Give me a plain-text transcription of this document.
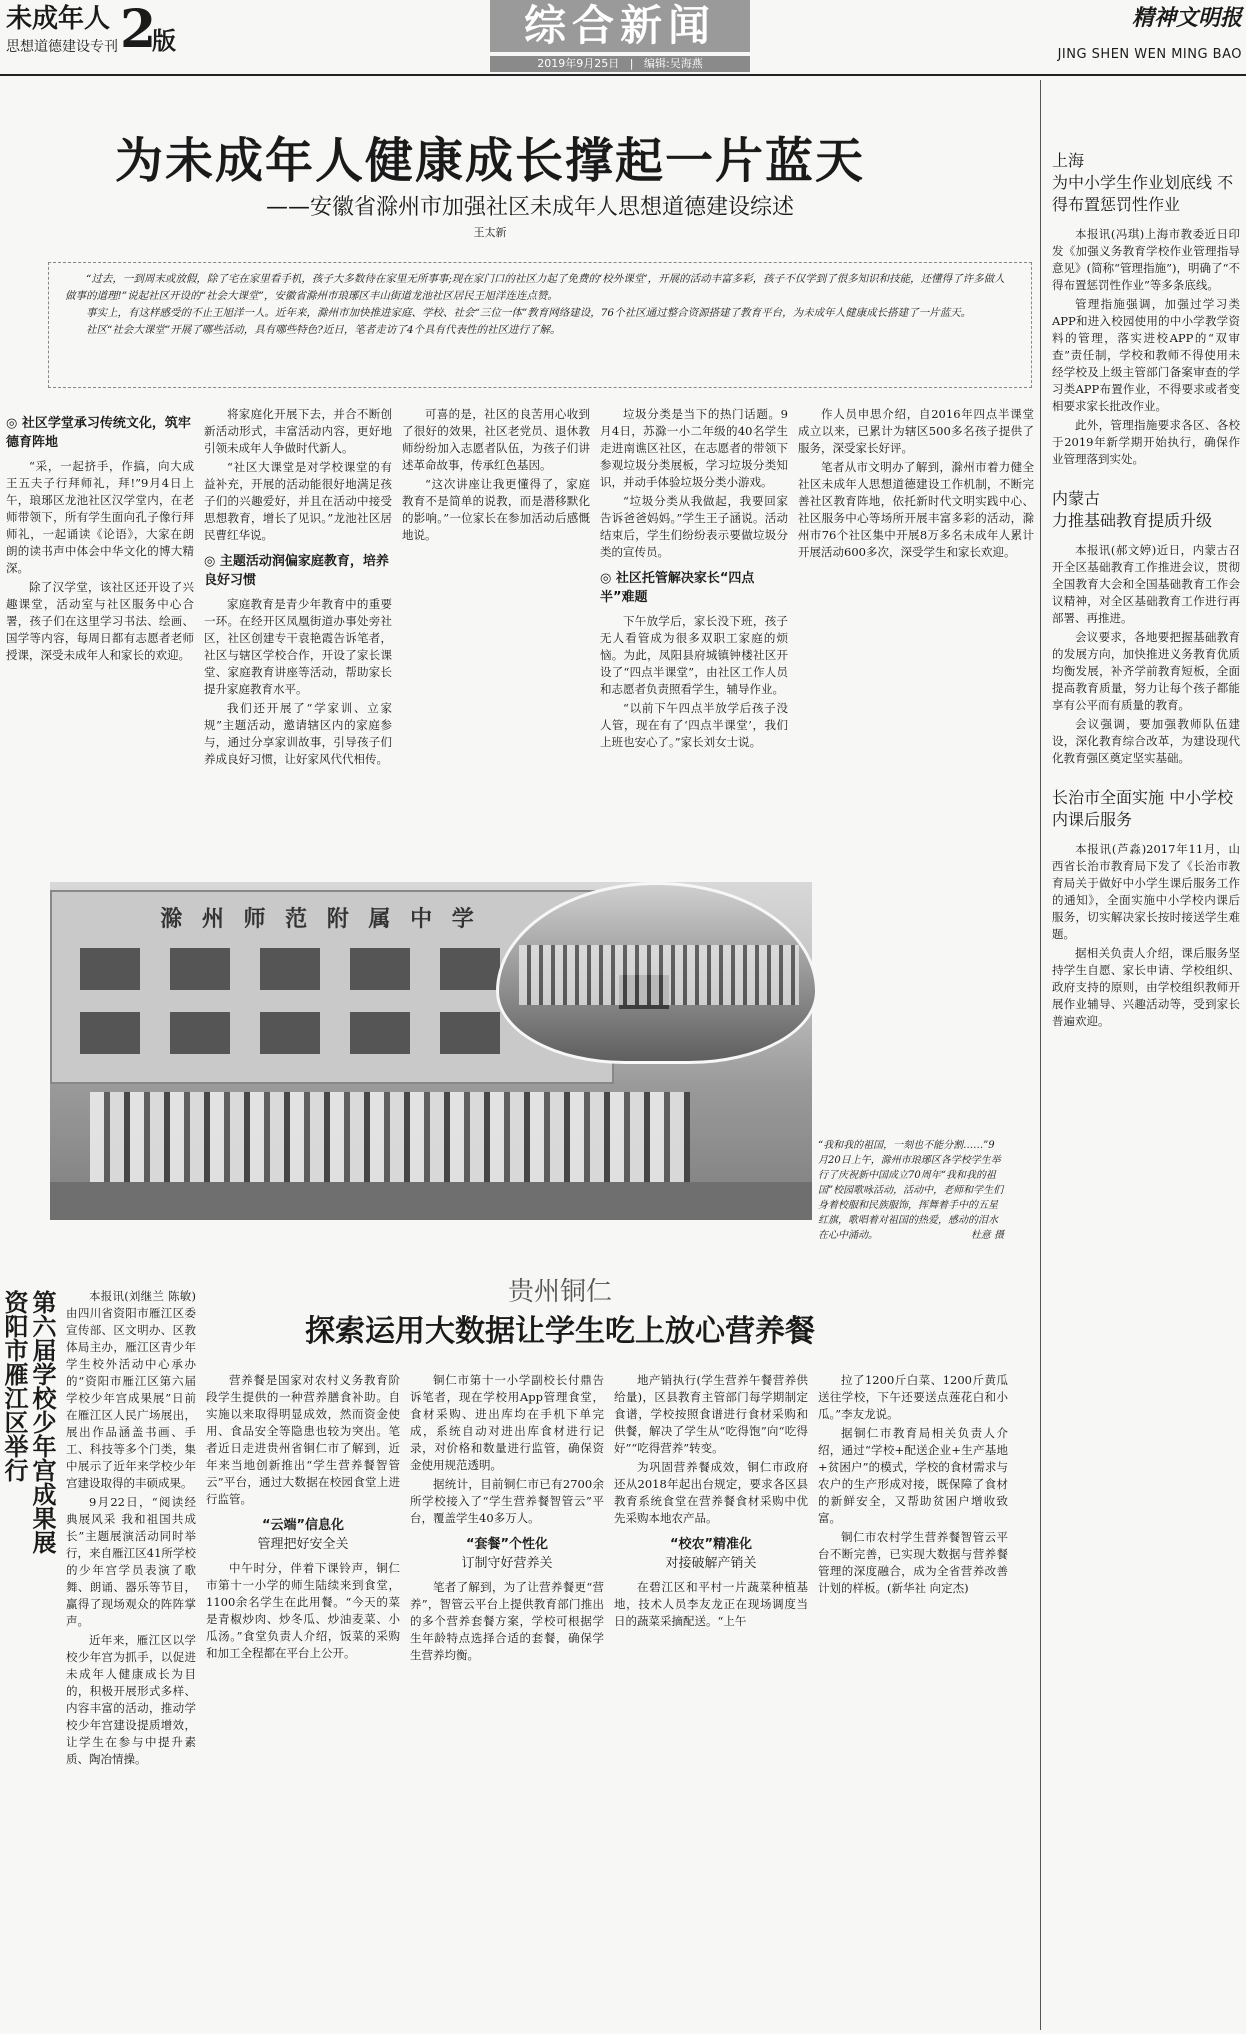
未成年人
思想道德建设专刊 2
版	综合新闻
2019年9月25日   |   编辑:吴海燕
精神文明报
JING SHEN WEN MING BAO
为未成年人健康成长撑起一片蓝天
——安徽省滁州市加强社区未成年人思想道德建设综述
王太新
“过去，一到周末或放假，除了宅在家里看手机，孩子大多数待在家里无所事事;现在家门口的社区力起了免费的‘校外课堂’，开展的活动丰富多彩，孩子不仅学到了很多知识和技能，还懂得了许多做人做事的道理!”说起社区开设的“社会大课堂”，安徽省滁州市琅琊区丰山街道龙池社区居民王旭洋连连点赞。
事实上，有这样感受的不止王旭洋一人。近年来，滁州市加快推进家庭、学校、社会“三位一体”教育网络建设，76个社区通过整合资源搭建了教育平台，为未成年人健康成长搭建了一片蓝天。
社区“社会大课堂”开展了哪些活动，具有哪些特色?近日，笔者走访了4个具有代表性的社区进行了解。
◎ 社区学堂承习传统文化，筑牢德育阵地

“采，一起挤手，作搞，向大成王五夫子行拜师礼，拜!”9月4日上午，琅琊区龙池社区汉学堂内，在老师带领下，所有学生面向孔子像行拜师礼，一起诵读《论语》，大家在朗朗的读书声中体会中华文化的博大精深。

除了汉学堂，该社区还开设了兴趣课堂，活动室与社区服务中心合署，孩子们在这里学习书法、绘画、国学等内容，每周日都有志愿者老师授课，深受未成年人和家长的欢迎。

将家庭化开展下去，并合不断创新活动形式，丰富活动内容，更好地引领未成年人争做时代新人。

“社区大课堂是对学校课堂的有益补充，开展的活动能很好地满足孩子们的兴趣爱好，并且在活动中接受思想教育，增长了见识。”龙池社区居民曹红华说。

◎ 主题活动润偏家庭教育，培养良好习惯

家庭教育是青少年教育中的重要一环。在经开区凤凰街道办事处旁社区，社区创建专干袁艳霞告诉笔者，社区与辖区学校合作，开设了家长课堂、家庭教育讲座等活动，帮助家长提升家庭教育水平。

我们还开展了“学家训、立家规”主题活动，邀请辖区内的家庭参与，通过分享家训故事，引导孩子们养成良好习惯，让好家风代代相传。

可喜的是，社区的良苦用心收到了很好的效果，社区老党员、退休教师纷纷加入志愿者队伍，为孩子们讲述革命故事，传承红色基因。

“这次讲座让我更懂得了，家庭教育不是简单的说教，而是潜移默化的影响。”一位家长在参加活动后感慨地说。

垃圾分类是当下的热门话题。9月4日，苏滁一小二年级的40名学生走进南谯区社区，在志愿者的带领下参观垃圾分类展板，学习垃圾分类知识，并动手体验垃圾分类小游戏。

“垃圾分类从我做起，我要回家告诉爸爸妈妈。”学生王子涵说。活动结束后，学生们纷纷表示要做垃圾分类的宣传员。

◎ 社区托管解决家长“四点半”难题

下午放学后，家长没下班，孩子无人看管成为很多双职工家庭的烦恼。为此，凤阳县府城镇钟楼社区开设了“四点半课堂”，由社区工作人员和志愿者负责照看学生，辅导作业。

“以前下午四点半放学后孩子没人管，现在有了‘四点半课堂’，我们上班也安心了。”家长刘女士说。

作人员申思介绍，自2016年四点半课堂成立以来，已累计为辖区500多名孩子提供了服务，深受家长好评。

笔者从市文明办了解到，滁州市着力健全社区未成年人思想道德建设工作机制，不断完善社区教育阵地，依托新时代文明实践中心、社区服务中心等场所开展丰富多彩的活动，滁州市76个社区集中开展8万多名未成年人累计开展活动600多次，深受学生和家长欢迎。

滁 州 师 范 附 属 中 学
“我和我的祖国，一刻也不能分割……”9月20日上午，滁州市琅琊区各学校学生举行了庆祝新中国成立70周年“我和我的祖国”校园歌咏活动，活动中，老师和学生们身着校服和民族服饰，挥舞着手中的五星红旗，歌唱着对祖国的热爱，感动的泪水在心中涌动。	杜意 摄
第六届学校少年宫成果展
资阳市雁江区举行	本报讯(刘继兰 陈敏)由四川省资阳市雁江区委宣传部、区文明办、区教体局主办，雁江区青少年学生校外活动中心承办的“资阳市雁江区第六届学校少年宫成果展”日前在雁江区人民广场展出，展出作品涵盖书画、手工、科技等多个门类，集中展示了近年来学校少年宫建设取得的丰硕成果。

9月22日，“阅读经典展风采 我和祖国共成长”主题展演活动同时举行，来自雁江区41所学校的少年宫学员表演了歌舞、朗诵、器乐等节目，赢得了现场观众的阵阵掌声。

近年来，雁江区以学校少年宫为抓手，以促进未成年人健康成长为目的，积极开展形式多样、内容丰富的活动，推动学校少年宫建设提质增效，让学生在参与中提升素质、陶冶情操。

贵州铜仁
探索运用大数据让学生吃上放心营养餐

营养餐是国家对农村义务教育阶段学生提供的一种营养膳食补助。自实施以来取得明显成效，然而资金使用、食品安全等隐患也较为突出。笔者近日走进贵州省铜仁市了解到，近年来当地创新推出“学生营养餐智管云”平台，通过大数据在校园食堂上进行监管。

“云端”信息化
管理把好安全关

中午时分，伴着下课铃声，铜仁市第十一小学的师生陆续来到食堂，1100余名学生在此用餐。“今天的菜是青椒炒肉、炒冬瓜、炒油麦菜、小瓜汤。”食堂负责人介绍，饭菜的采购和加工全程都在平台上公开。

铜仁市第十一小学副校长付鼎告诉笔者，现在学校用App管理食堂，食材采购、进出库均在手机下单完成，系统自动对进出库食材进行记录，对价格和数量进行监管，确保资金使用规范透明。

据统计，目前铜仁市已有2700余所学校接入了“学生营养餐智管云”平台，覆盖学生40多万人。

“套餐”个性化
订制守好营养关

笔者了解到，为了让营养餐更“营养”，智管云平台上提供教育部门推出的多个营养套餐方案，学校可根据学生年龄特点选择合适的套餐，确保学生营养均衡。

地产销执行(学生营养午餐营养供给量)，区县教育主管部门每学期制定食谱，学校按照食谱进行食材采购和供餐，解决了学生从“吃得饱”向“吃得好”“吃得营养”转变。

为巩固营养餐成效，铜仁市政府还从2018年起出台规定，要求各区县教育系统食堂在营养餐食材采购中优先采购本地农产品。

“校农”精准化
对接破解产销关

在碧江区和平村一片蔬菜种植基地，技术人员李友龙正在现场调度当日的蔬菜采摘配送。“上午

拉了1200斤白菜、1200斤黄瓜送往学校，下午还要送点莲花白和小瓜。”李友龙说。

据铜仁市教育局相关负责人介绍，通过“学校+配送企业+生产基地+贫困户”的模式，学校的食材需求与农户的生产形成对接，既保障了食材的新鲜安全，又帮助贫困户增收致富。

铜仁市农村学生营养餐智管云平台不断完善，已实现大数据与营养餐管理的深度融合，成为全省营养改善计划的样板。(新华社 向定杰)

上海
为中小学生作业划底线 不得布置惩罚性作业

本报讯(冯琪)上海市教委近日印发《加强义务教育学校作业管理指导意见》(简称“管理指施”)，明确了“不得布置惩罚性作业”等多条底线。

管理指施强调，加强过学习类APP和进入校园使用的中小学教学资料的管理，落实进校APP的“双审查”责任制，学校和教师不得使用未经学校及上级主管部门备案审查的学习类APP布置作业，不得要求或者变相要求家长批改作业。

此外，管理指施要求各区、各校于2019年新学期开始执行，确保作业管理落到实处。

内蒙古
力推基础教育提质升级

本报讯(郝文婷)近日，内蒙古召开全区基础教育工作推进会议，贯彻全国教育大会和全国基础教育工作会议精神，对全区基础教育工作进行再部署、再推进。

会议要求，各地要把握基础教育的发展方向，加快推进义务教育优质均衡发展，补齐学前教育短板，全面提高教育质量，努力让每个孩子都能享有公平而有质量的教育。

会议强调，要加强教师队伍建设，深化教育综合改革，为建设现代化教育强区奠定坚实基础。

长治市全面实施 中小学校内课后服务

本报讯(芦淼)2017年11月，山西省长治市教育局下发了《长治市教育局关于做好中小学生课后服务工作的通知》，全面实施中小学校内课后服务，切实解决家长按时接送学生难题。

据相关负责人介绍，课后服务坚持学生自愿、家长申请、学校组织、政府支持的原则，由学校组织教师开展作业辅导、兴趣活动等，受到家长普遍欢迎。
